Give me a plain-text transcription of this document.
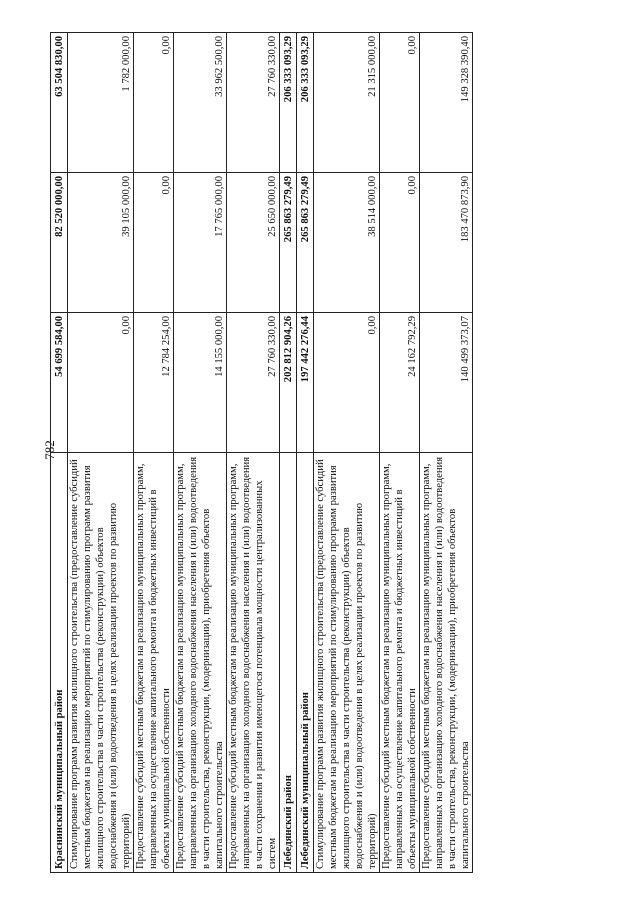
782
Краснинский муниципальный район	54 699 584,00	82 520 000,00	63 504 830,00
Стимулирование программ развития жилищного строительства (предоставление субсидий местным бюджетам на реализацию мероприятий по стимулированию программ развития жилищного строительства в части строительства (реконструкции) объектов водоснабжения и (или) водоотведения в целях реализации проектов по развитию территорий)	0,00	39 105 000,00	1 782 000,00
Предоставление субсидий местным бюджетам на реализацию муниципальных программ, направленных на осуществление капитального ремонта и бюджетных инвестиций в объекты муниципальной собственности	12 784 254,00	0,00	0,00
Предоставление субсидий местным бюджетам на реализацию муниципальных программ, направленных на организацию холодного водоснабжения населения и (или) водоотведения в части строительства, реконструкции, (модернизации), приобретения объектов капитального строительства	14 155 000,00	17 765 000,00	33 962 500,00
Предоставление субсидий местным бюджетам на реализацию муниципальных программ, направленных на организацию холодного водоснабжения населения и (или) водоотведения в части сохранения и развития имеющегося потенциала мощности централизованных систем	27 760 330,00	25 650 000,00	27 760 330,00
Лебедянский район	202 812 904,26	265 863 279,49	206 333 093,29
Лебедянский муниципальный район	197 442 276,44	265 863 279,49	206 333 093,29
Стимулирование программ развития жилищного строительства (предоставление субсидий местным бюджетам на реализацию мероприятий по стимулированию программ развития жилищного строительства в части строительства (реконструкции) объектов водоснабжения и (или) водоотведения в целях реализации проектов по развитию территорий)	0,00	38 514 000,00	21 315 000,00
Предоставление субсидий местным бюджетам на реализацию муниципальных программ, направленных на осуществление капитального ремонта и бюджетных инвестиций в объекты муниципальной собственности	24 162 792,29	0,00	0,00
Предоставление субсидий местным бюджетам на реализацию муниципальных программ, направленных на организацию холодного водоснабжения населения и (или) водоотведения в части строительства, реконструкции, (модернизации), приобретения объектов капитального строительства	140 499 373,07	183 470 873,90	149 328 390,40
